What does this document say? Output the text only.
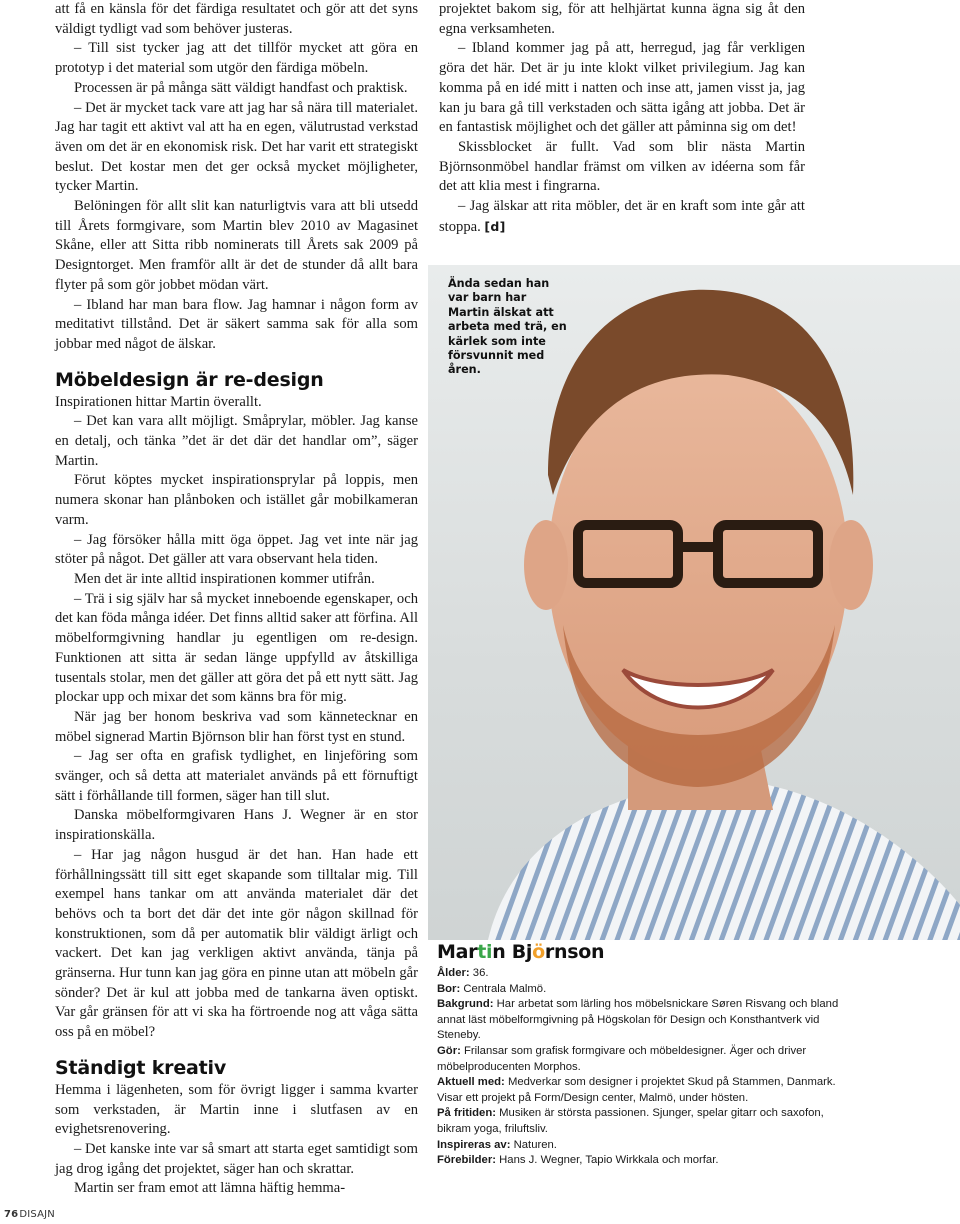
att få en känsla för det färdiga resultatet och gör att det syns väldigt tydligt vad som behöver justeras.

– Till sist tycker jag att det tillför mycket att göra en prototyp i det material som utgör den färdiga möbeln.

Processen är på många sätt väldigt handfast och praktisk.

– Det är mycket tack vare att jag har så nära till materialet. Jag har tagit ett aktivt val att ha en egen, välutrustad verkstad även om det är en ekonomisk risk. Det har varit ett strategiskt beslut. Det kostar men det ger också mycket möjligheter, tycker Martin.

Belöningen för allt slit kan naturligtvis vara att bli utsedd till Årets formgivare, som Martin blev 2010 av Magasinet Skåne, eller att Sitta ribb nominerats till Årets sak 2009 på Designtorget. Men framför allt är det de stunder då allt bara flyter på som gör jobbet mödan värt.

– Ibland har man bara flow. Jag hamnar i någon form av meditativt tillstånd. Det är säkert samma sak för alla som jobbar med något de älskar.

Möbeldesign är re-design

Inspirationen hittar Martin överallt.

– Det kan vara allt möjligt. Småprylar, möbler. Jag kanse en detalj, och tänka ”det är det där det handlar om”, säger Martin.

Förut köptes mycket inspirationsprylar på loppis, men numera skonar han plånboken och istället går mobilkameran varm.

– Jag försöker hålla mitt öga öppet. Jag vet inte när jag stöter på något. Det gäller att vara observant hela tiden.

Men det är inte alltid inspirationen kommer utifrån.

– Trä i sig själv har så mycket inneboende egenskaper, och det kan föda många idéer. Det finns alltid saker att förfina. All möbelformgivning handlar ju egentligen om re-design. Funktionen att sitta är sedan länge uppfylld av åtskilliga tusentals stolar, men det gäller att göra det på ett nytt sätt. Jag plockar upp och mixar det som känns bra för mig.

När jag ber honom beskriva vad som kännetecknar en möbel signerad Martin Björnson blir han först tyst en stund.

– Jag ser ofta en grafisk tydlighet, en linjeföring som svänger, och så detta att materialet används på ett förnuftigt sätt i förhållande till formen, säger han till slut.

Danska möbelformgivaren Hans J. Wegner är en stor inspirationskälla.

– Har jag någon husgud är det han. Han hade ett förhållningssätt till sitt eget skapande som tilltalar mig. Till exempel hans tankar om att använda materialet där det behövs och ta bort det där det inte gör någon skillnad för konstruktionen, som då per automatik blir väldigt ärligt och vackert. Det kan jag verkligen aktivt använda, tänja på gränserna. Hur tunn kan jag göra en pinne utan att möbeln går sönder? Det är kul att jobba med de tankarna även optiskt. Var går gränsen för att vi ska ha förtroende nog att våga sätta oss på en möbel?

Ständigt kreativ

Hemma i lägenheten, som för övrigt ligger i samma kvarter som verkstaden, är Martin inne i slutfasen av en evighetsrenovering.

– Det kanske inte var så smart att starta eget samtidigt som jag drog igång det projektet, säger han och skrattar.

Martin ser fram emot att lämna häftig hemma-

projektet bakom sig, för att helhjärtat kunna ägna sig åt den egna verksamheten.

– Ibland kommer jag på att, herregud, jag får verkligen göra det här. Det är ju inte klokt vilket privilegium. Jag kan komma på en idé mitt i natten och inse att, jamen visst ja, jag kan ju bara gå till verkstaden och sätta igång att jobba. Det är en fantastisk möjlighet och det gäller att påminna sig om det!

Skissblocket är fullt. Vad som blir nästa Martin Björnsonmöbel handlar främst om vilken av idéerna som får det att klia mest i fingrarna.

– Jag älskar att rita möbler, det är en kraft som inte går att stoppa. [d]

Ända sedan han var barn har Martin älskat att arbeta med trä, en kärlek som inte försvunnit med åren.
Martin Björnson
Ålder: 36.
Bor: Centrala Malmö.
Bakgrund: Har arbetat som lärling hos möbelsnickare Søren Risvang och bland annat läst möbelformgivning på Högskolan för Design och Konsthantverk vid Steneby.
Gör: Frilansar som grafisk formgivare och möbeldesigner. Äger och driver möbelproducenten Morphos.
Aktuell med: Medverkar som designer i projektet Skud på Stammen, Danmark. Visar ett projekt på Form/Design center, Malmö, under hösten.
På fritiden: Musiken är största passionen. Sjunger, spelar gitarr och saxofon, bikram yoga, friluftsliv.
Inspireras av: Naturen.
Förebilder: Hans J. Wegner, Tapio Wirkkala och morfar.
76DISAJN
